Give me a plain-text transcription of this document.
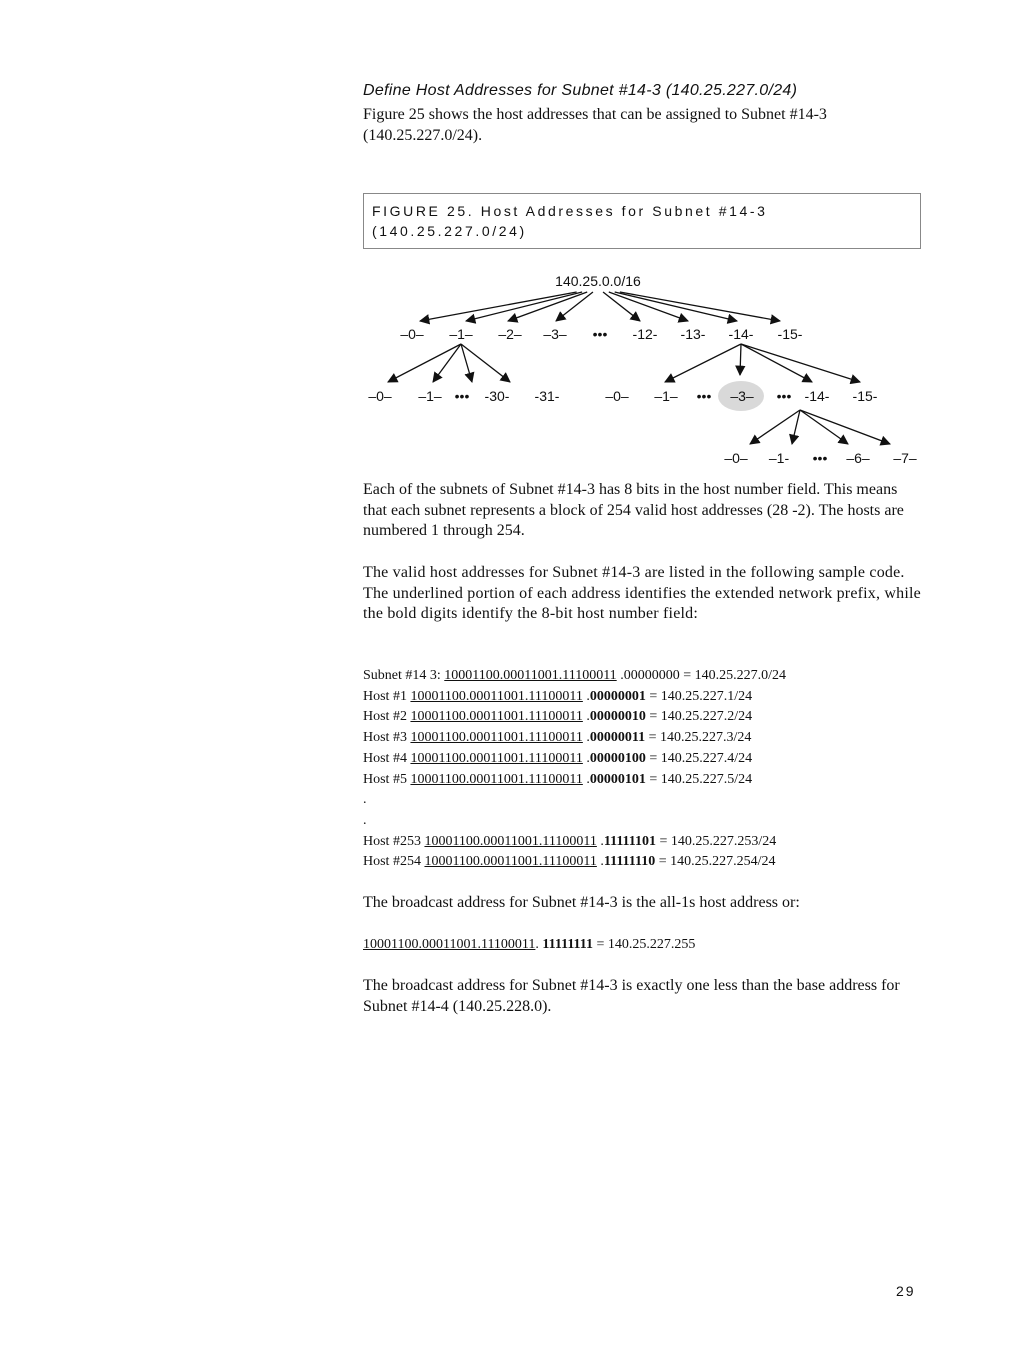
Define Host Addresses for Subnet #14-3 (140.25.227.0/24)
Figure 25 shows the host addresses that can be assigned to Subnet #14-3 (140.25.227.0/24).
FIGURE 25. Host Addresses for Subnet #14-3 (140.25.227.0/24)
140.25.0.0/16
–0– –1– –2– –3– ••• -12- -13- -14- -15-
–0– –1– ••• -30- -31-	–0– –1– ••• –3– ••• -14- -15-
–0– –1- ••• –6– –7–
Each of the subnets of Subnet #14-3 has 8 bits in the host number field. This means that each subnet represents a block of 254 valid host addresses (28 -2). The hosts are numbered 1 through 254.
The valid host addresses for Subnet #14-3 are listed in the following sample code. The underlined portion of each address identifies the extended network prefix, while the bold digits identify the 8-bit host number field:
Subnet #14 3: 10001100.00011001.11100011 .00000000 = 140.25.227.0/24
Host #1 10001100.00011001.11100011 .00000001 = 140.25.227.1/24
Host #2 10001100.00011001.11100011 .00000010 = 140.25.227.2/24
Host #3 10001100.00011001.11100011 .00000011 = 140.25.227.3/24
Host #4 10001100.00011001.11100011 .00000100 = 140.25.227.4/24
Host #5 10001100.00011001.11100011 .00000101 = 140.25.227.5/24
.
.
Host #253 10001100.00011001.11100011 .11111101 = 140.25.227.253/24
Host #254 10001100.00011001.11100011 .11111110 = 140.25.227.254/24
The broadcast address for Subnet #14-3 is the all-1s host address or:
10001100.00011001.11100011. 11111111 = 140.25.227.255
The broadcast address for Subnet #14-3 is exactly one less than the base address for Subnet #14-4 (140.25.228.0).
29
